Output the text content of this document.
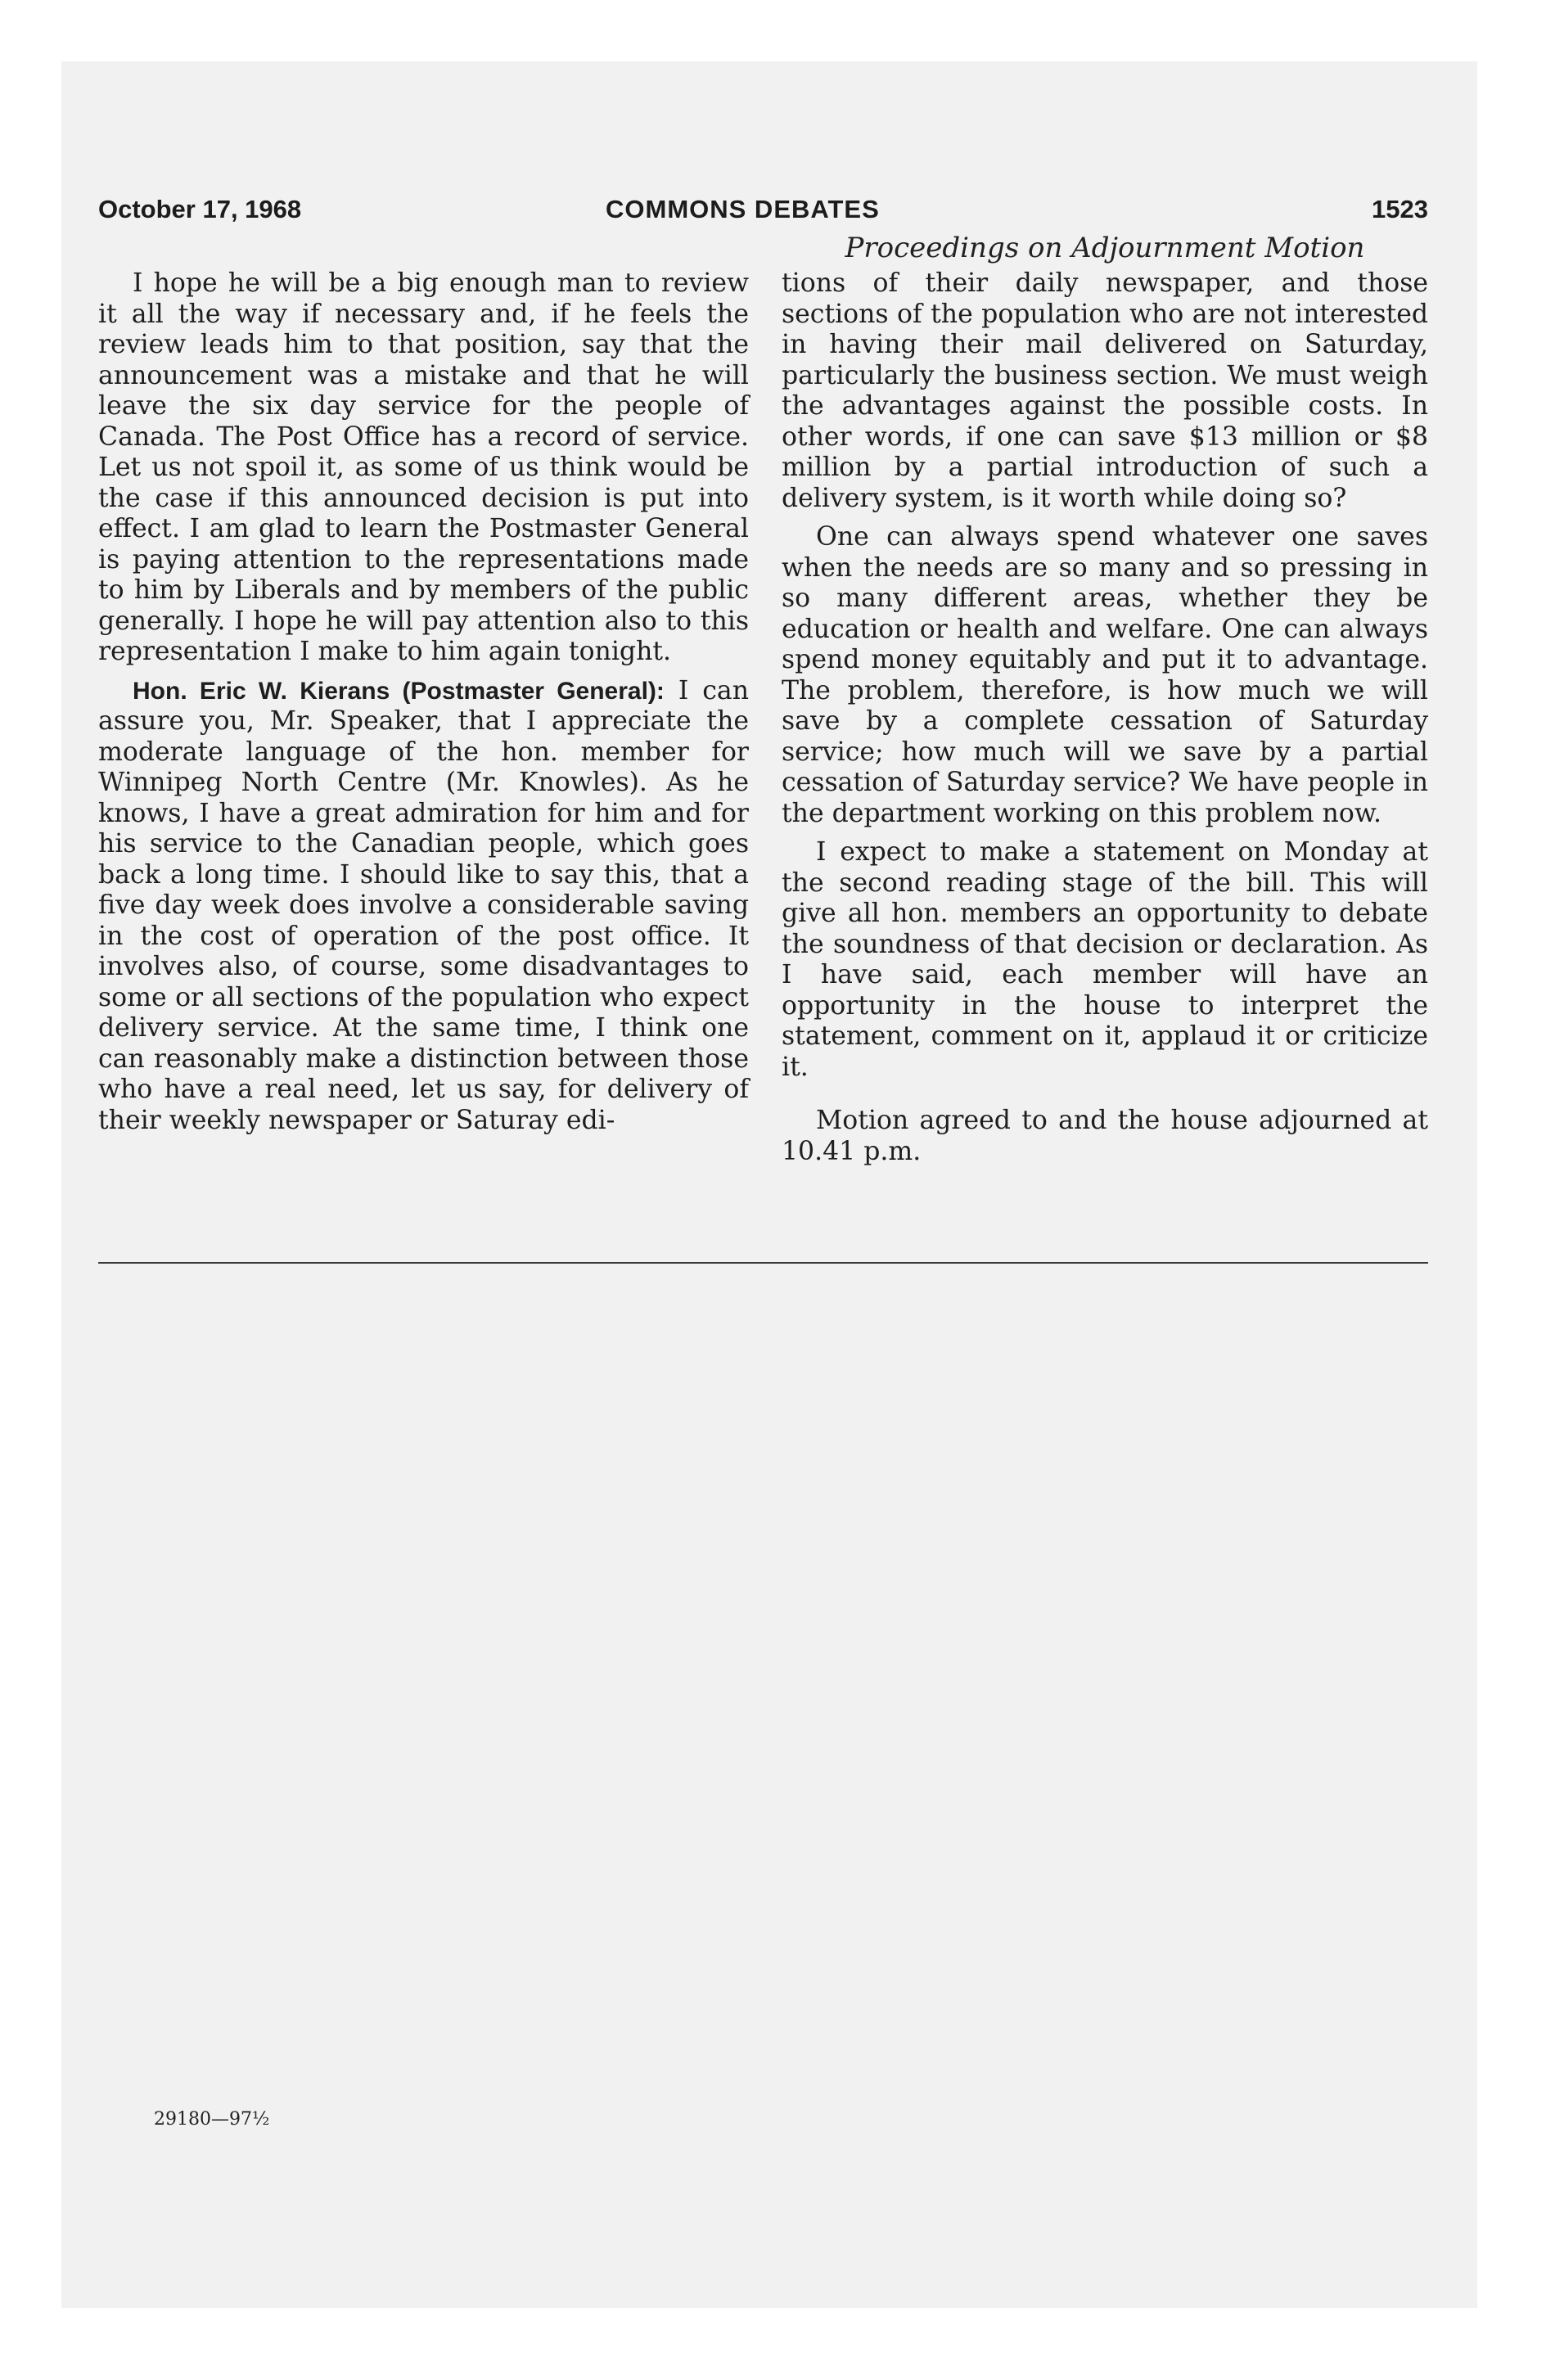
October 17, 1968	COMMONS DEBATES	1523
Proceedings on Adjournment Motion

I hope he will be a big enough man to review it all the way if necessary and, if he feels the review leads him to that position, say that the announcement was a mistake and that he will leave the six day service for the people of Canada. The Post Office has a record of service. Let us not spoil it, as some of us think would be the case if this announced decision is put into effect. I am glad to learn the Postmaster General is paying attention to the representations made to him by Liberals and by members of the public generally. I hope he will pay attention also to this representation I make to him again tonight.

Hon. Eric W. Kierans (Postmaster General): I can assure you, Mr. Speaker, that I appreciate the moderate language of the hon. member for Winnipeg North Centre (Mr. Knowles). As he knows, I have a great admiration for him and for his service to the Canadian people, which goes back a long time. I should like to say this, that a five day week does involve a considerable saving in the cost of operation of the post office. It involves also, of course, some disadvantages to some or all sections of the population who expect delivery service. At the same time, I think one can reasonably make a distinction between those who have a real need, let us say, for delivery of their weekly newspaper or Saturay edi-

tions of their daily newspaper, and those sections of the population who are not interested in having their mail delivered on Saturday, particularly the business section. We must weigh the advantages against the possible costs. In other words, if one can save $13 million or $8 million by a partial introduction of such a delivery system, is it worth while doing so?

One can always spend whatever one saves when the needs are so many and so pressing in so many different areas, whether they be education or health and welfare. One can always spend money equitably and put it to advantage. The problem, therefore, is how much we will save by a complete cessation of Saturday service; how much will we save by a partial cessation of Saturday service? We have people in the department working on this problem now.

I expect to make a statement on Monday at the second reading stage of the bill. This will give all hon. members an opportunity to debate the soundness of that decision or declaration. As I have said, each member will have an opportunity in the house to interpret the statement, comment on it, applaud it or criticize it.

Motion agreed to and the house adjourned at 10.41 p.m.

29180—97½
